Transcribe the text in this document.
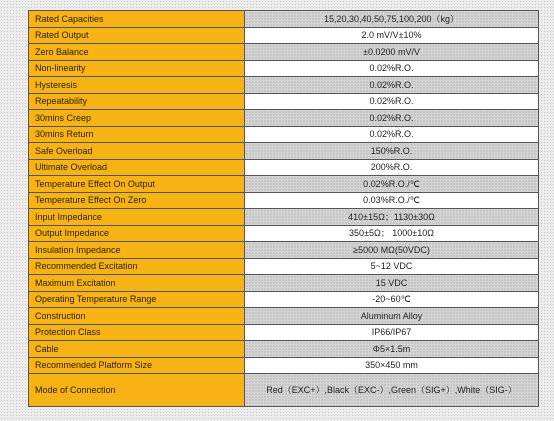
Rated Capacities	15,20,30,40,50,75,100,200（kg）
Rated Output	2.0 mV/V±10%
Zero Balance	±0.0200 mV/V
Non-linearity	0.02%R.O.
Hysteresis	0.02%R.O.
Repeatability	0.02%R.O.
30mins Creep	0.02%R.O.
30mins Return	0.02%R.O.
Safe Overload	150%R.O.
Ultimate Overload	200%R.O.
Temperature Effect On Output	0.02%R.O./℃
Temperature Effect On Zero	0.03%R.O./℃
Input Impedance	410±15Ω；1130±30Ω
Output Impedance	350±5Ω； 1000±10Ω
Insulation Impedance	≥5000 MΩ(50VDC)
Recommended Excitation	5~12 VDC
Maximum Excitation	15 VDC
Operating Temperature Range	-20~60℃
Construction	Aluminum Alloy
Protection Class	IP66/IP67
Cable	Φ5×1.5m
Recommended Platform Size	350×450 mm
Mode of Connection	Red（EXC+）,Black（EXC-）,Green（SIG+）,White（SIG-）
